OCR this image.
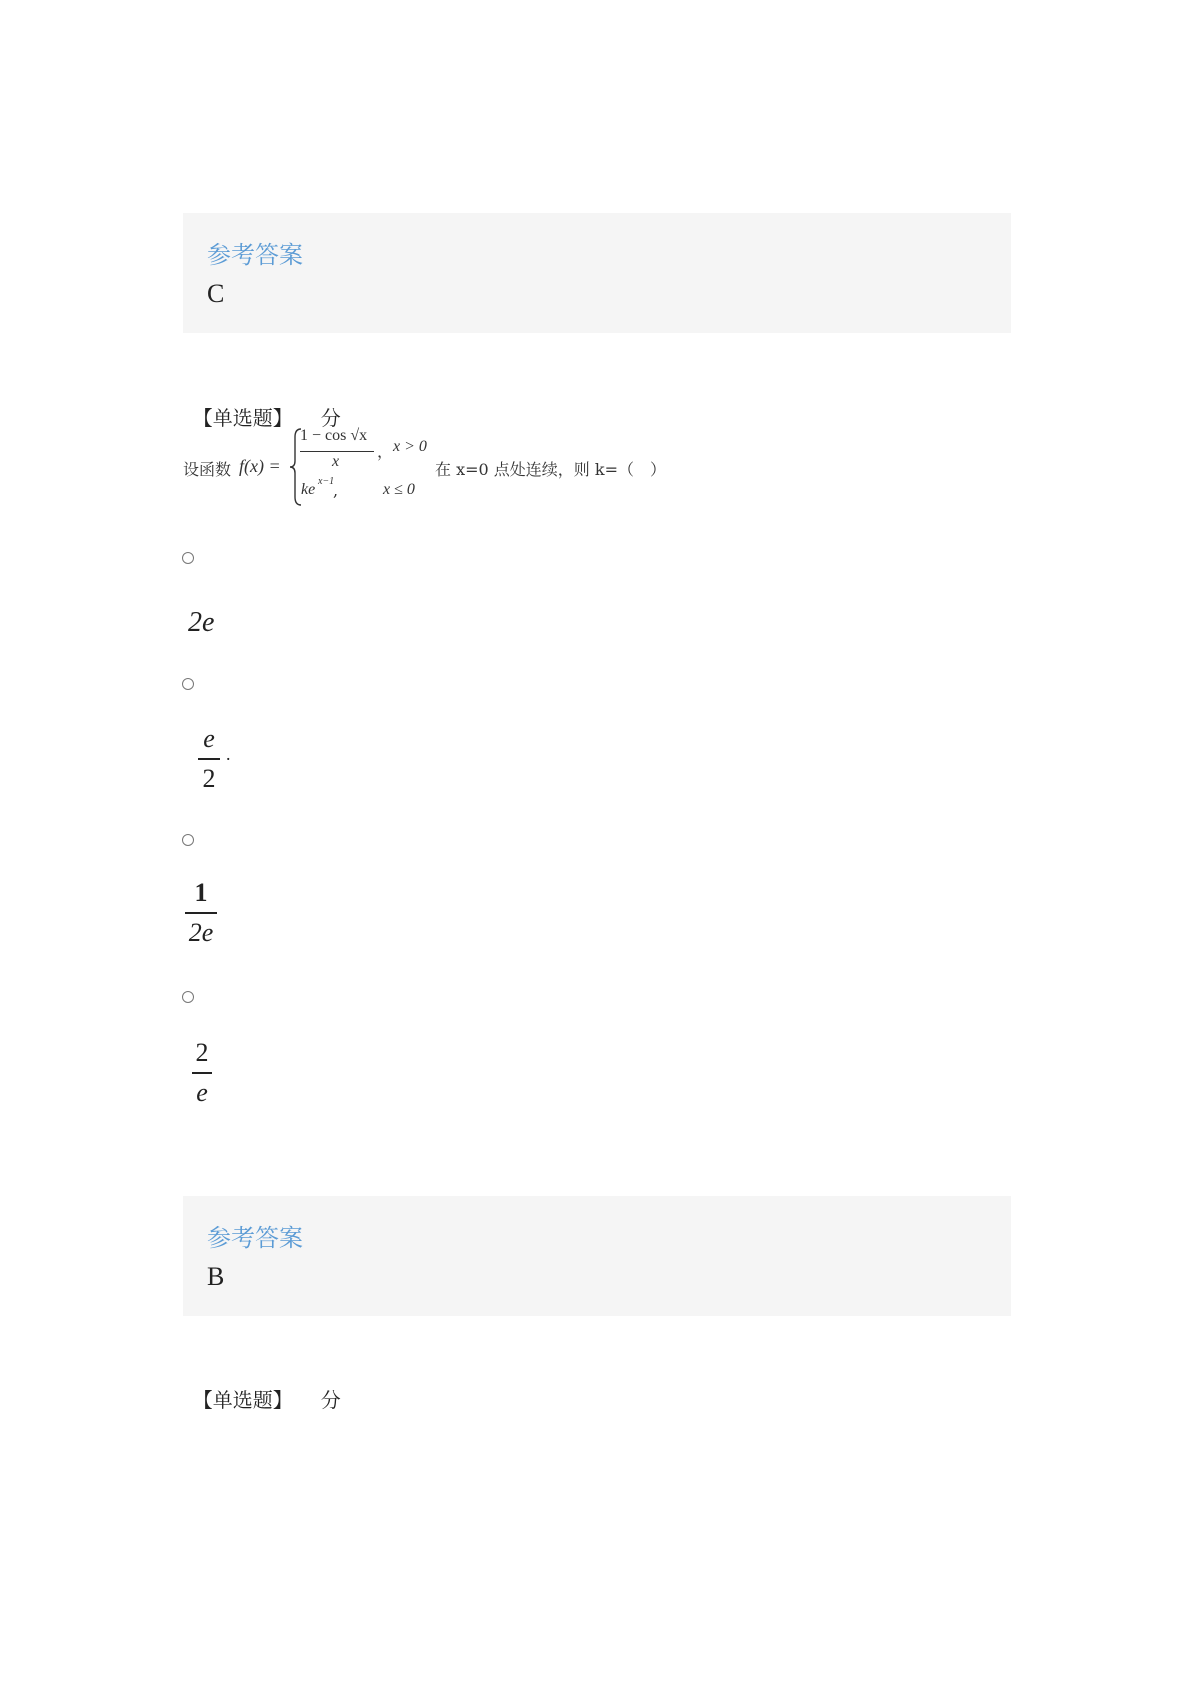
参考答案
C

【单选题】 分

设函数 f(x) =
1 − cos √x
x
， x > 0
ke x−1
,	x ≤ 0
在 x=0 点处连续，则 k=（　）
2e
e
2
.
1
2e
2
e
参考答案
B

【单选题】 分
